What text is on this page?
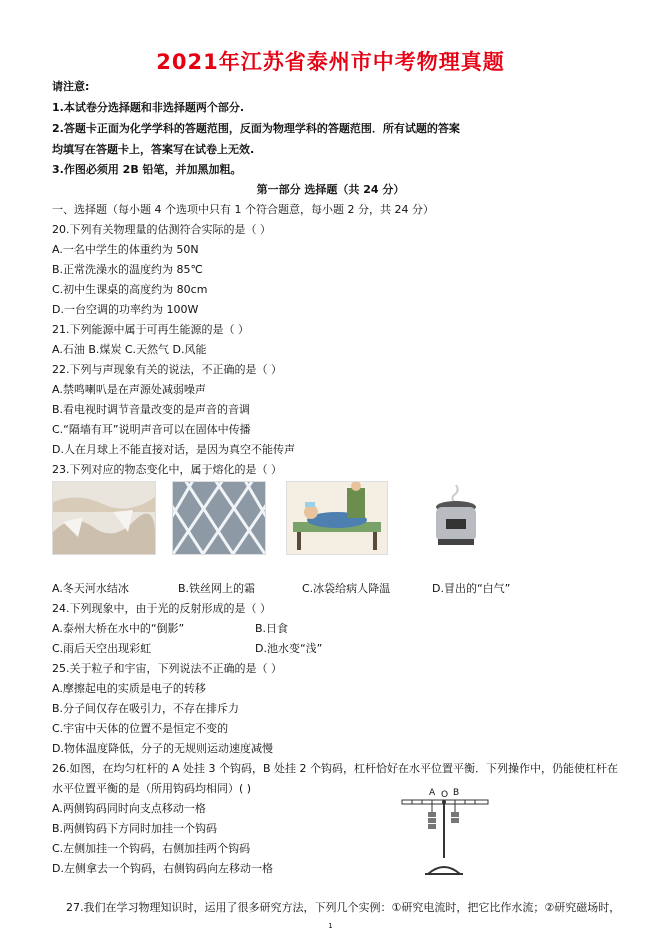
2021年江苏省泰州市中考物理真题
请注意:
1.本试卷分选择题和非选择题两个部分.
2.答题卡正面为化学学科的答题范围，反面为物理学科的答题范围．所有试题的答案
均填写在答题卡上，答案写在试卷上无效.
3.作图必须用 2B 铅笔，并加黑加粗。
第一部分 选择题（共 24 分）
一、选择题（每小题 4 个选项中只有 1 个符合题意，每小题 2 分，共 24 分）
20.下列有关物理量的估测符合实际的是（ ）
A.一名中学生的体重约为 50N
B.正常洗澡水的温度约为 85℃
C.初中生课桌的高度约为 80cm
D.一台空调的功率约为 100W
21.下列能源中属于可再生能源的是（ ）
A.石油 B.煤炭 C.天然气 D.风能
22.下列与声现象有关的说法，不正确的是（ ）
A.禁鸣喇叭是在声源处减弱噪声
B.看电视时调节音量改变的是声音的音调
C.“隔墙有耳”说明声音可以在固体中传播
D.人在月球上不能直接对话，是因为真空不能传声
23.下列对应的物态变化中，属于熔化的是（ ）
A.冬天河水结冰	B.铁丝网上的霜	C.冰袋给病人降温	D.冒出的“白气”
24.下列现象中，由于光的反射形成的是（ ）
A.泰州大桥在水中的“倒影”	B.日食
C.雨后天空出现彩虹	D.池水变“浅”
25.关于粒子和宇宙，下列说法不正确的是（ ）
A.摩擦起电的实质是电子的转移
B.分子间仅存在吸引力，不存在排斥力
C.宇宙中天体的位置不是恒定不变的
D.物体温度降低，分子的无规则运动速度减慢
26.如图，在均匀杠杆的 A 处挂 3 个钩码，B 处挂 2 个钩码，杠杆恰好在水平位置平衡．下列操作中，仍能使杠杆在
水平位置平衡的是（所用钩码均相同）( )
A.两侧钩码同时向支点移动一格
B.两侧钩码下方同时加挂一个钩码
C.左侧加挂一个钩码，右侧加挂两个钩码
D.左侧拿去一个钩码，右侧钩码向左移动一格
A O B
27.我们在学习物理知识时，运用了很多研究方法，下列几个实例：①研究电流时，把它比作水流；②研究磁场时，
1
